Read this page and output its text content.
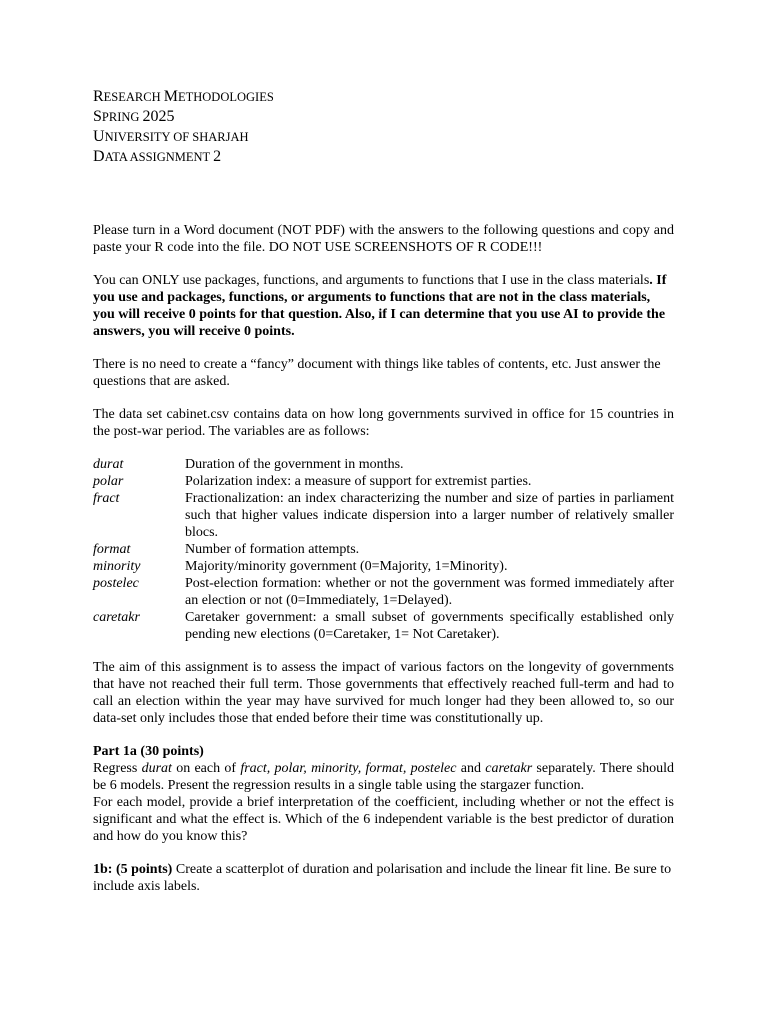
RESEARCH METHODOLOGIES
SPRING 2025
UNIVERSITY OF SHARJAH
DATA ASSIGNMENT 2

Please turn in a Word document (NOT PDF) with the answers to the following questions and copy and paste your R code into the file. DO NOT USE SCREENSHOTS OF R CODE!!!

You can ONLY use packages, functions, and arguments to functions that I use in the class materials. If you use and packages, functions, or arguments to functions that are not in the class materials, you will receive 0 points for that question. Also, if I can determine that you use AI to provide the answers, you will receive 0 points.

There is no need to create a “fancy” document with things like tables of contents, etc. Just answer the questions that are asked.

The data set cabinet.csv contains data on how long governments survived in office for 15 countries in the post-war period. The variables are as follows:

durat	Duration of the government in months.
polar	Polarization index: a measure of support for extremist parties.
fract	Fractionalization: an index characterizing the number and size of parties in parliament such that higher values indicate dispersion into a larger number of relatively smaller blocs.
format	Number of formation attempts.
minority	Majority/minority government (0=Majority, 1=Minority).
postelec	Post-election formation: whether or not the government was formed immediately after an election or not (0=Immediately, 1=Delayed).
caretakr	Caretaker government: a small subset of governments specifically established only pending new elections (0=Caretaker, 1= Not Caretaker).

The aim of this assignment is to assess the impact of various factors on the longevity of governments that have not reached their full term. Those governments that effectively reached full-term and had to call an election within the year may have survived for much longer had they been allowed to, so our data-set only includes those that ended before their time was constitutionally up.

Part 1a (30 points)
Regress durat on each of fract, polar, minority, format, postelec and caretakr separately. There should be 6 models. Present the regression results in a single table using the stargazer function.

For each model, provide a brief interpretation of the coefficient, including whether or not the effect is significant and what the effect is. Which of the 6 independent variable is the best predictor of duration and how do you know this?

1b: (5 points) Create a scatterplot of duration and polarisation and include the linear fit line. Be sure to include axis labels.
